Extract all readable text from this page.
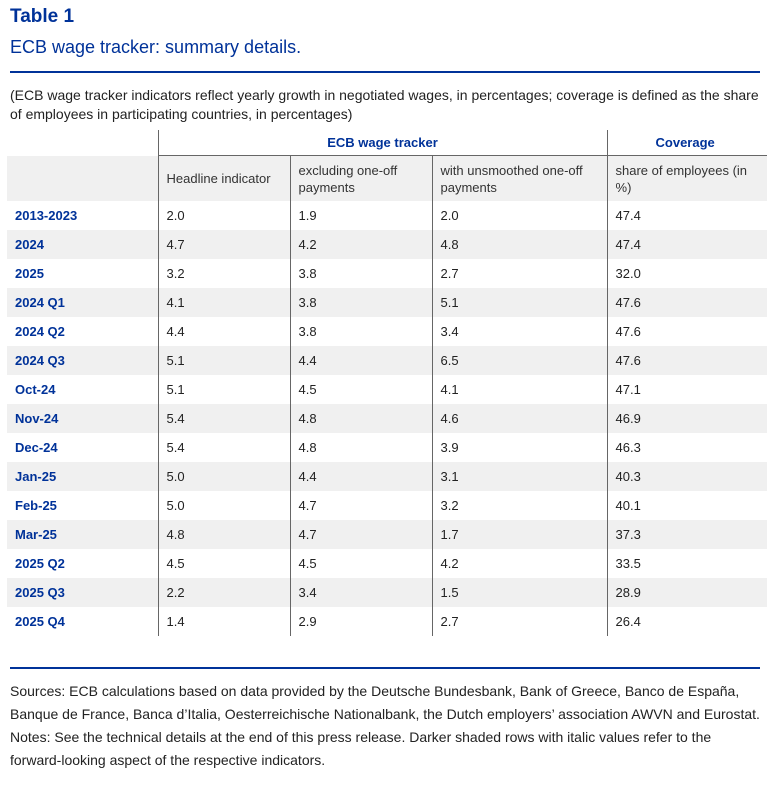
Table 1
ECB wage tracker: summary details.
(ECB wage tracker indicators reflect yearly growth in negotiated wages, in percentages; coverage is defined as the share of employees in participating countries, in percentages)
	ECB wage tracker			Coverage
	Headline indicator	excluding one-off payments	with unsmoothed one-off payments	share of employees (in %)
2013-2023	2.0	1.9	2.0	47.4
2024	4.7	4.2	4.8	47.4
2025	3.2	3.8	2.7	32.0
2024 Q1	4.1	3.8	5.1	47.6
2024 Q2	4.4	3.8	3.4	47.6
2024 Q3	5.1	4.4	6.5	47.6
Oct-24	5.1	4.5	4.1	47.1
Nov-24	5.4	4.8	4.6	46.9
Dec-24	5.4	4.8	3.9	46.3
Jan-25	5.0	4.4	3.1	40.3
Feb-25	5.0	4.7	3.2	40.1
Mar-25	4.8	4.7	1.7	37.3
2025 Q2	4.5	4.5	4.2	33.5
2025 Q3	2.2	3.4	1.5	28.9
2025 Q4	1.4	2.9	2.7	26.4
Sources: ECB calculations based on data provided by the Deutsche Bundesbank, Bank of Greece, Banco de España, Banque de France, Banca d’Italia, Oesterreichische Nationalbank, the Dutch employers’ association AWVN and Eurostat.
Notes: See the technical details at the end of this press release. Darker shaded rows with italic values refer to the forward-looking aspect of the respective indicators.
